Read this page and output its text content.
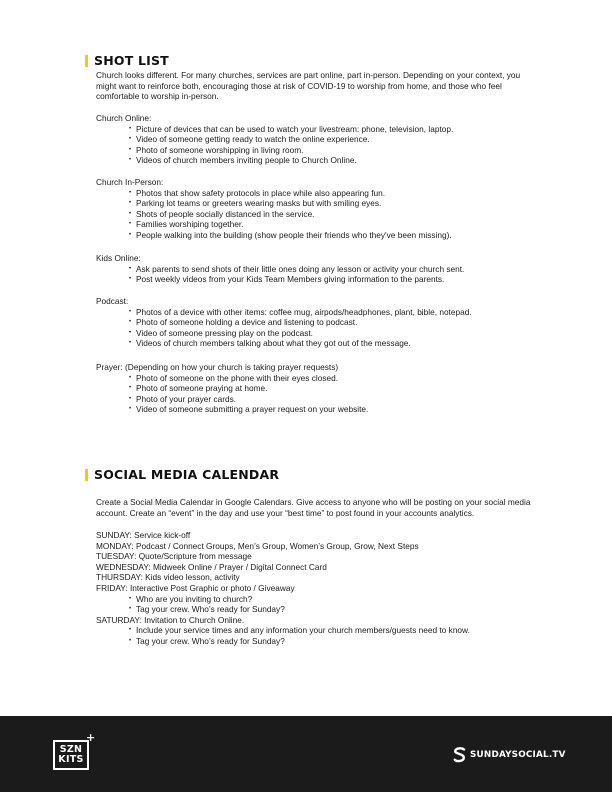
SHOT LIST

Church looks different. For many churches, services are part online, part in-person. Depending on your context, you might want to reinforce both, encouraging those at risk of COVID-19 to worship from home, and those who feel comfortable to worship in-person.

Church Online:

• Picture of devices that can be used to watch your livestream: phone, television, laptop.
• Video of someone getting ready to watch the online experience.
• Photo of someone worshipping in living room.
• Videos of church members inviting people to Church Online.

Church In-Person:

• Photos that show safety protocols in place while also appearing fun.
• Parking lot teams or greeters wearing masks but with smiling eyes.
• Shots of people socially distanced in the service.
• Families worshiping together.
• People walking into the building (show people their friends who they've been missing).

Kids Online:

• Ask parents to send shots of their little ones doing any lesson or activity your church sent.
• Post weekly videos from your Kids Team Members giving information to the parents.

Podcast:

• Photos of a device with other items: coffee mug, airpods/headphones, plant, bible, notepad.
• Photo of someone holding a device and listening to podcast.
• Video of someone pressing play on the podcast.
• Videos of church members talking about what they got out of the message.

Prayer: (Depending on how your church is taking prayer requests)

• Photo of someone on the phone with their eyes closed.
• Photo of someone praying at home.
• Photo of your prayer cards.
• Video of someone submitting a prayer request on your website.
SOCIAL MEDIA CALENDAR

Create a Social Media Calendar in Google Calendars. Give access to anyone who will be posting on your social media account. Create an “event” in the day and use your “best time” to post found in your accounts analytics.

SUNDAY: Service kick-off

MONDAY: Podcast / Connect Groups, Men’s Group, Women’s Group, Grow, Next Steps

TUESDAY: Quote/Scripture from message

WEDNESDAY: Midweek Online / Prayer / Digital Connect Card

THURSDAY: Kids video lesson, activity

FRIDAY: Interactive Post Graphic or photo / Giveaway

• Who are you inviting to church?
• Tag your crew. Who’s ready for Sunday?

SATURDAY: Invitation to Church Online.

• Include your service times and any information your church members/guests need to know.
• Tag your crew. Who’s ready for Sunday?
SZN
KITS
+
SUNDAYSOCIAL.TV
